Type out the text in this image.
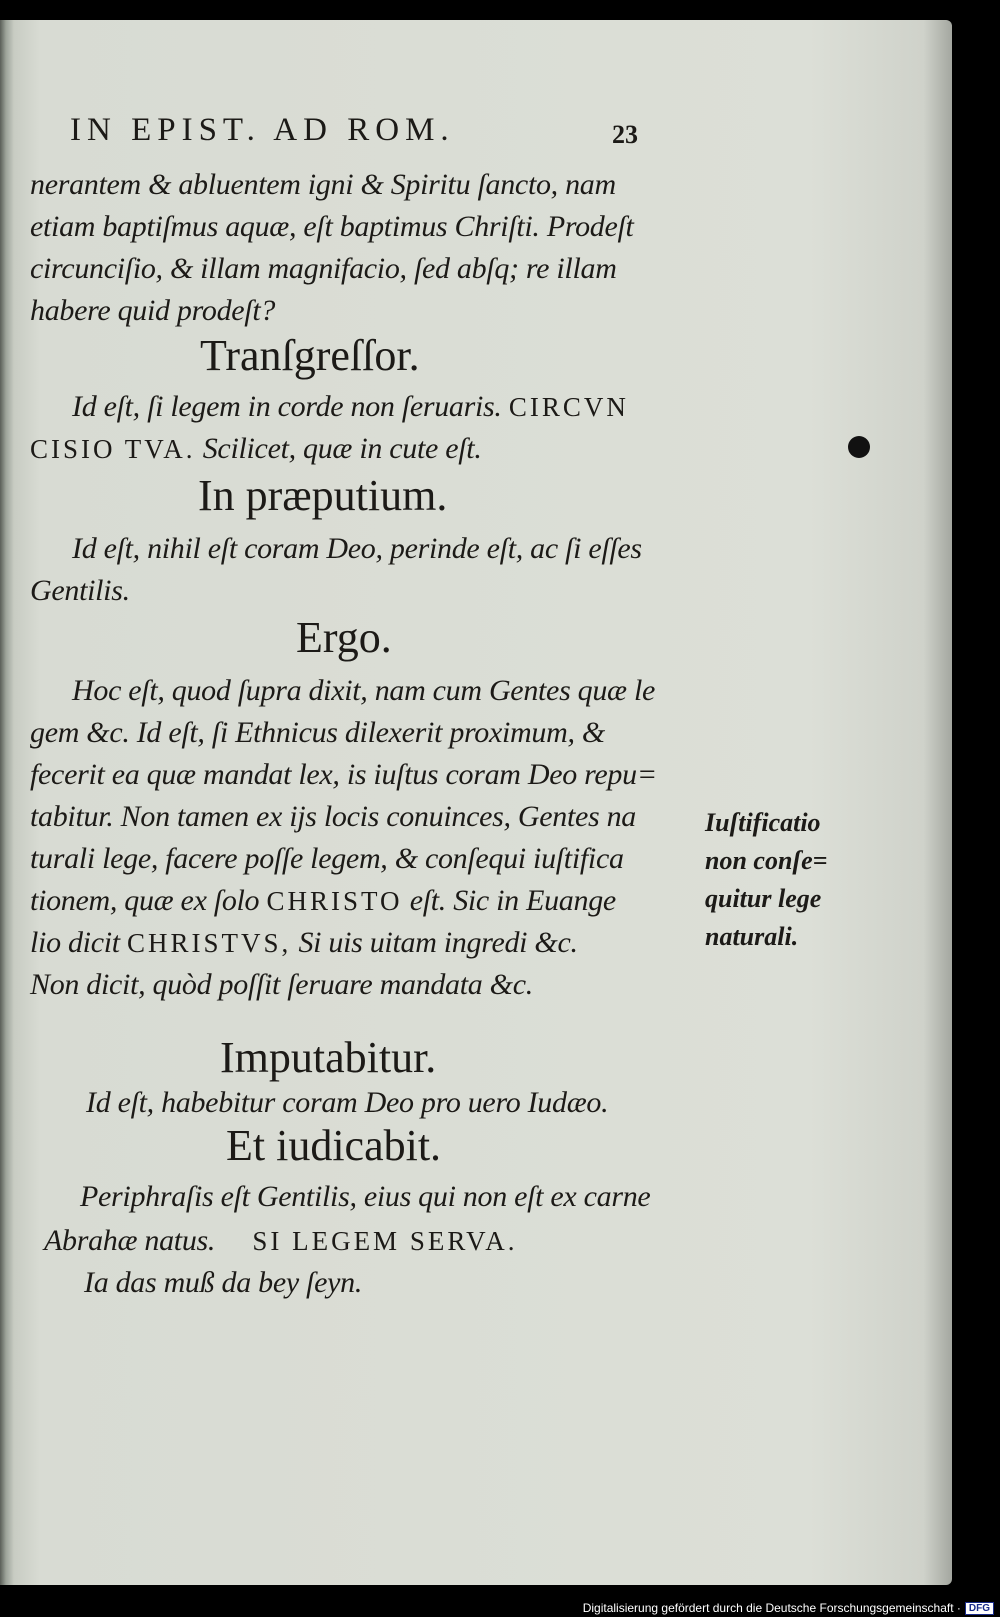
IN EPIST. AD ROM.	23
nerantem & abluentem igni & Spiritu ſancto, nam
etiam baptiſmus aquæ, eſt baptimus Chriſti. Prodeſt
circunciſio, & illam magnifacio, ſed abſq; re illam
habere quid prodeſt?
Tranſgreſſor.
Id eſt, ſi legem in corde non ſeruaris. CIRCVN
CISIO TVA. Scilicet, quæ in cute eſt.
In præputium.
Id eſt, nihil eſt coram Deo, perinde eſt, ac ſi eſſes
Gentilis.
Ergo.
Hoc eſt, quod ſupra dixit, nam cum Gentes quæ le
gem &c. Id eſt, ſi Ethnicus dilexerit proximum, &
fecerit ea quæ mandat lex, is iuſtus coram Deo repu=
tabitur. Non tamen ex ijs locis conuinces, Gentes na
turali lege, facere poſſe legem, & conſequi iuſtifica
tionem, quæ ex ſolo CHRISTO eſt. Sic in Euange
lio dicit CHRISTVS, Si uis uitam ingredi &c.
Non dicit, quòd poſſit ſeruare mandata &c.
Imputabitur.
Id eſt, habebitur coram Deo pro uero Iudæo.
Et iudicabit.
Periphraſis eſt Gentilis, eius qui non eſt ex carne
Abrahæ natus. SI LEGEM SERVA.
Ia das muß da bey ſeyn.
Iuſtificatio
non conſe=
quitur lege
naturali.
Digitalisierung gefördert durch die Deutsche Forschungsgemeinschaft · DFG
